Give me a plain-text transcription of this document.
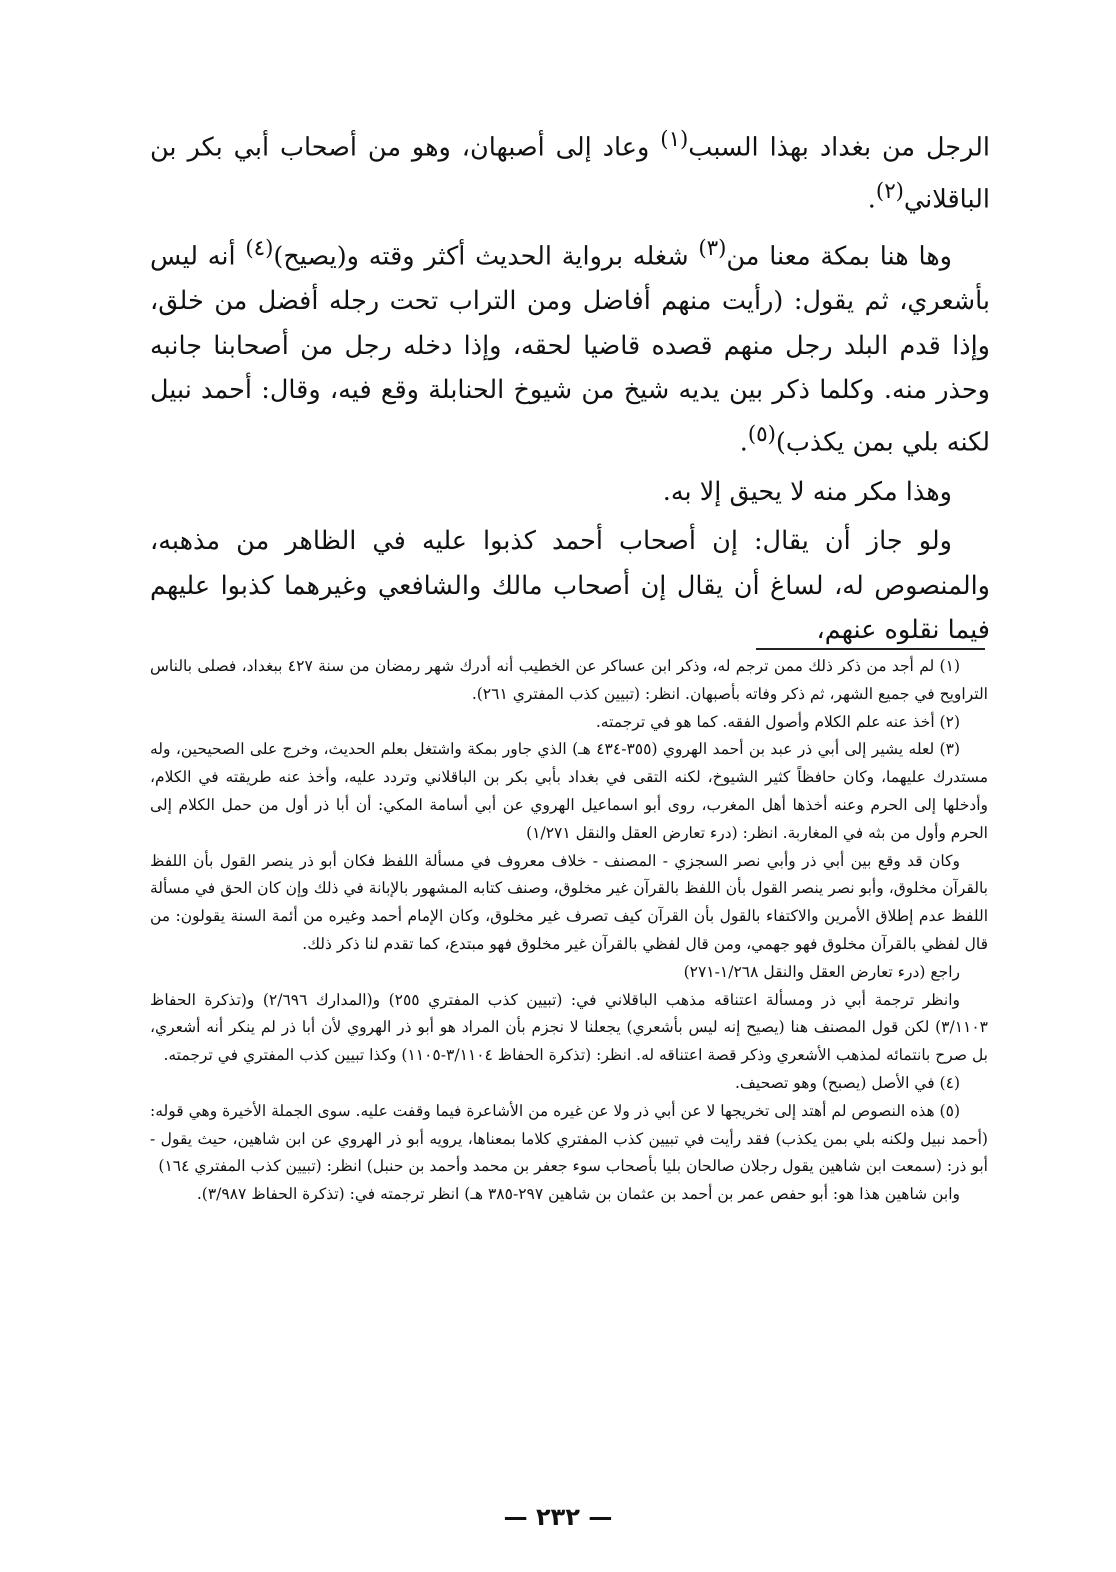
الرجل من بغداد بهذا السبب$^{(١)}$ وعاد إلى أصبهان، وهو من أصحاب أبي بكر بن الباقلاني$^{(٢)}$.

وها هنا بمكة معنا من$^{(٣)}$ شغله برواية الحديث أكثر وقته و(يصيح)$^{(٤)}$ أنه ليس بأشعري، ثم يقول: (رأيت منهم أفاضل ومن التراب تحت رجله أفضل من خلق، وإذا قدم البلد رجل منهم قصده قاضيا لحقه، وإذا دخله رجل من أصحابنا جانبه وحذر منه. وكلما ذكر بين يديه شيخ من شيوخ الحنابلة وقع فيه، وقال: أحمد نبيل لكنه بلي بمن يكذب)$^{(٥)}$.

وهذا مكر منه لا يحيق إلا به.

ولو جاز أن يقال: إن أصحاب أحمد كذبوا عليه في الظاهر من مذهبه، والمنصوص له، لساغ أن يقال إن أصحاب مالك والشافعي وغيرهما كذبوا عليهم فيما نقلوه عنهم،

(١) لم أجد من ذكر ذلك ممن ترجم له، وذكر ابن عساكر عن الخطيب أنه أدرك شهر رمضان من سنة ٤٢٧ ببغداد، فصلى بالناس التراويح في جميع الشهر، ثم ذكر وفاته بأصبهان. انظر: (تبيين كذب المفتري ٢٦١).

(٢) أخذ عنه علم الكلام وأصول الفقه. كما هو في ترجمته.

(٣) لعله يشير إلى أبي ذر عبد بن أحمد الهروي (٣٥٥-٤٣٤ هـ) الذي جاور بمكة واشتغل بعلم الحديث، وخرج على الصحيحين، وله مستدرك عليهما، وكان حافظاً كثير الشيوخ، لكنه التقى في بغداد بأبي بكر بن الباقلاني وتردد عليه، وأخذ عنه طريقته في الكلام، وأدخلها إلى الحرم وعنه أخذها أهل المغرب، روى أبو اسماعيل الهروي عن أبي أسامة المكي: أن أبا ذر أول من حمل الكلام إلى الحرم وأول من بثه في المغاربة. انظر: (درء تعارض العقل والنقل ١/٢٧١)

وكان قد وقع بين أبي ذر وأبي نصر السجزي - المصنف - خلاف معروف في مسألة اللفظ فكان أبو ذر ينصر القول بأن اللفظ بالقرآن مخلوق، وأبو نصر ينصر القول بأن اللفظ بالقرآن غير مخلوق، وصنف كتابه المشهور بالإبانة في ذلك وإن كان الحق في مسألة اللفظ عدم إطلاق الأمرين والاكتفاء بالقول بأن القرآن كيف تصرف غير مخلوق، وكان الإمام أحمد وغيره من أئمة السنة يقولون: من قال لفظي بالقرآن مخلوق فهو جهمي، ومن قال لفظي بالقرآن غير مخلوق فهو مبتدع، كما تقدم لنا ذكر ذلك.

راجع (درء تعارض العقل والنقل ١/٢٦٨-٢٧١)

وانظر ترجمة أبي ذر ومسألة اعتناقه مذهب الباقلاني في: (تبيين كذب المفتري ٢٥٥) و(المدارك ٢/٦٩٦) و(تذكرة الحفاظ ٣/١١٠٣) لكن قول المصنف هنا (يصيح إنه ليس بأشعري) يجعلنا لا نجزم بأن المراد هو أبو ذر الهروي لأن أبا ذر لم ينكر أنه أشعري، بل صرح بانتمائه لمذهب الأشعري وذكر قصة اعتناقه له. انظر: (تذكرة الحفاظ ٣/١١٠٤-١١٠٥) وكذا تبيين كذب المفتري في ترجمته.

(٤) في الأصل (يصبح) وهو تصحيف.

(٥) هذه النصوص لم أهتد إلى تخريجها لا عن أبي ذر ولا عن غيره من الأشاعرة فيما وقفت عليه. سوى الجملة الأخيرة وهي قوله: (أحمد نبيل ولكنه بلي بمن يكذب) فقد رأيت في تبيين كذب المفتري كلاما بمعناها، يرويه أبو ذر الهروي عن ابن شاهين، حيث يقول - أبو ذر: (سمعت ابن شاهين يقول رجلان صالحان بليا بأصحاب سوء جعفر بن محمد وأحمد بن حنبل) انظر: (تبيين كذب المفتري ١٦٤)

وابن شاهين هذا هو: أبو حفص عمر بن أحمد بن عثمان بن شاهين ٢٩٧-٣٨٥ هـ) انظر ترجمته في: (تذكرة الحفاظ ٣/٩٨٧).

— ٢٣٢ —
